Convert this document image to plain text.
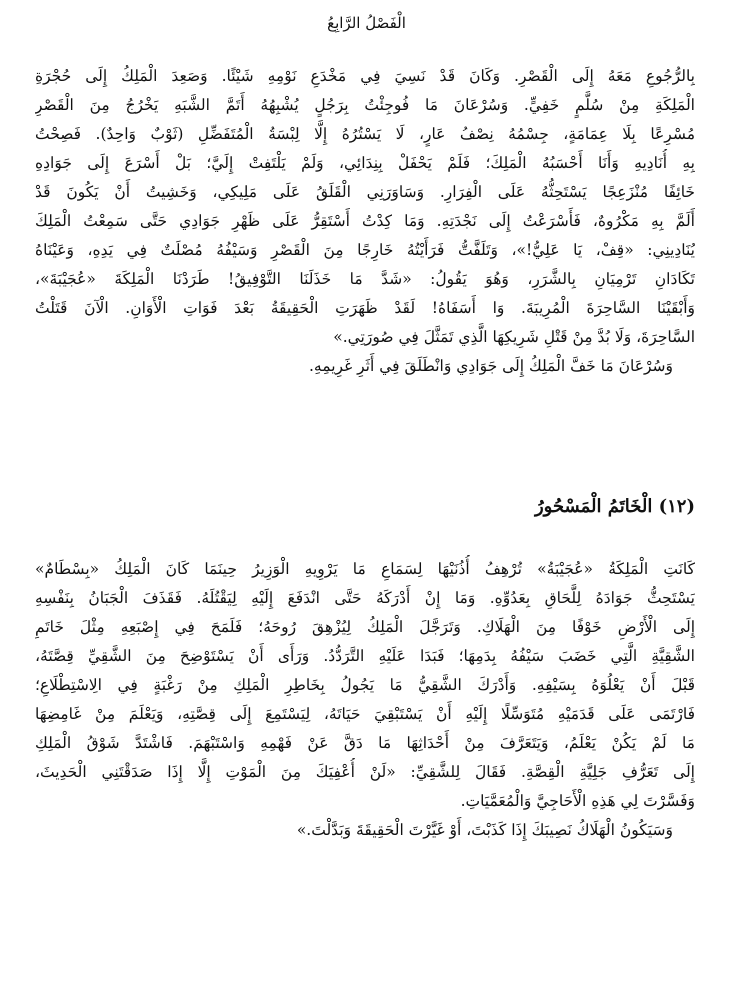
الْفَصْلُ الرَّابِعُ
بِالرُّجُوعِ مَعَهُ إِلَى الْقَصْرِ. وَكَانَ قَدْ نَسِيَ فِي مَخْدَعِ نَوْمِهِ شَيْئًا. وَصَعِدَ الْمَلِكُ إِلَى حُجْرَةِ
الْمَلِكَةِ مِنْ سُلَّمٍ خَفِيٍّ. وَسُرْعَانَ مَا فُوجِئْتُ بِرَجُلٍ يُشْبِهُهُ أَتَمَّ الشَّبَهِ يَخْرُجُ مِنَ الْقَصْرِ
مُسْرِعًا بِلَا عِمَامَةٍ، جِسْمُهُ نِصْفُ عَارٍ، لَا يَسْتُرُهُ إِلَّا لِبْسَةُ الْمُتَفَضِّلِ (ثَوْبٌ وَاحِدٌ). فَصِحْتُ
بِهِ أُنَادِيهِ وَأَنَا أَحْسَبُهُ الْمَلِكَ؛ فَلَمْ يَحْفَلْ بِنِدَائِي، وَلَمْ يَلْتَفِتْ إِلَيَّ؛ بَلْ أَسْرَعَ إِلَى جَوَادِهِ
خَائِفًا مُنْزَعِجًا يَسْتَحِثُّهُ عَلَى الْفِرَارِ. وَسَاوَرَنِي الْقَلَقُ عَلَى مَلِيكِي، وَخَشِيتُ أَنْ يَكُونَ قَدْ
أَلَمَّ بِهِ مَكْرُوهٌ، فَأَسْرَعْتُ إِلَى نَجْدَتِهِ. وَمَا كِدْتُ أَسْتَقِرُّ عَلَى ظَهْرِ جَوَادِي حَتَّى سَمِعْتُ الْمَلِكَ
يُنَادِينِي: «قِفْ، يَا عَلِيُّ!»، وَتَلَفَّتُّ فَرَأَيْتُهُ خَارِجًا مِنَ الْقَصْرِ وَسَيْفُهُ مُصْلَتٌ فِي يَدِهِ، وَعَيْنَاهُ
تَكَادَانِ تَرْمِيَانِ بِالشَّرَرِ، وَهُوَ يَقُولُ: «شَدَّ مَا خَذَلَنَا التَّوْفِيقُ! طَرَدْنَا الْمَلِكَةَ «عُجَيْبَةَ»،
وَأَبْقَيْنَا السَّاحِرَةَ الْمُرِيبَةَ. وَا أَسَفَاهُ! لَقَدْ ظَهَرَتِ الْحَقِيقَةُ بَعْدَ فَوَاتِ الْأَوَانِ. الْآنَ قَتَلْتُ
السَّاحِرَةَ، وَلَا بُدَّ مِنْ قَتْلِ شَرِيكِهَا الَّذِي تَمَثَّلَ فِي صُورَتِي.»
وَسُرْعَانَ مَا خَفَّ الْمَلِكُ إِلَى جَوَادِي وَانْطَلَقَ فِي أَثَرِ غَرِيمِهِ.
(١٢) الْخَاتَمُ الْمَسْحُورُ
كَانَتِ الْمَلِكَةُ «عُجَيْبَةُ» تُرْهِفُ أُذُنَيْهَا لِسَمَاعِ مَا يَرْوِيهِ الْوَزِيرُ حِينَمَا كَانَ الْمَلِكُ «بِسْطَامٌ»
يَسْتَحِثُّ جَوَادَهُ لِلَّحَاقِ بِعَدُوِّهِ. وَمَا إِنْ أَدْرَكَهُ حَتَّى انْدَفَعَ إِلَيْهِ لِيَقْتُلَهُ. فَقَذَفَ الْجَبَانُ بِنَفْسِهِ
إِلَى الْأَرْضِ خَوْفًا مِنَ الْهَلَاكِ. وَتَرَجَّلَ الْمَلِكُ لِيُزْهِقَ رُوحَهُ؛ فَلَمَحَ فِي إِصْبَعِهِ مِثْلَ خَاتَمِ
الشَّقِيَّةِ الَّتِي خَضَبَ سَيْفُهُ بِدَمِهَا؛ فَبَدَا عَلَيْهِ التَّرَدُّدُ. وَرَأَى أَنْ يَسْتَوْضِحَ مِنَ الشَّقِيِّ قِصَّتَهُ،
قَبْلَ أَنْ يَعْلُوَهُ بِسَيْفِهِ. وَأَدْرَكَ الشَّقِيُّ مَا يَجُولُ بِخَاطِرِ الْمَلِكِ مِنْ رَغْبَةٍ فِي الِاسْتِطْلَاعِ؛
فَارْتَمَى عَلَى قَدَمَيْهِ مُتَوَسِّلًا إِلَيْهِ أَنْ يَسْتَبْقِيَ حَيَاتَهُ، لِيَسْتَمِعَ إِلَى قِصَّتِهِ، وَيَعْلَمَ مِنْ غَامِضِهَا
مَا لَمْ يَكُنْ يَعْلَمُ، وَيَتَعَرَّفَ مِنْ أَحْدَاثِهَا مَا دَقَّ عَنْ فَهْمِهِ وَاسْتَبْهَمَ. فَاشْتَدَّ شَوْقُ الْمَلِكِ
إِلَى تَعَرُّفِ جَلِيَّةِ الْقِصَّةِ. فَقَالَ لِلشَّقِيِّ: «لَنْ أُعْفِيَكَ مِنَ الْمَوْتِ إِلَّا إِذَا صَدَقْتَنِي الْحَدِيثَ،
وَفَسَّرْتَ لِي هَذِهِ الْأَحَاجِيَّ وَالْمُعَمَّيَاتِ.
وَسَيَكُونُ الْهَلَاكُ نَصِيبَكَ إِذَا كَذَبْتَ، أَوْ غَيَّرْتَ الْحَقِيقَةَ وَبَدَّلْتَ.»
